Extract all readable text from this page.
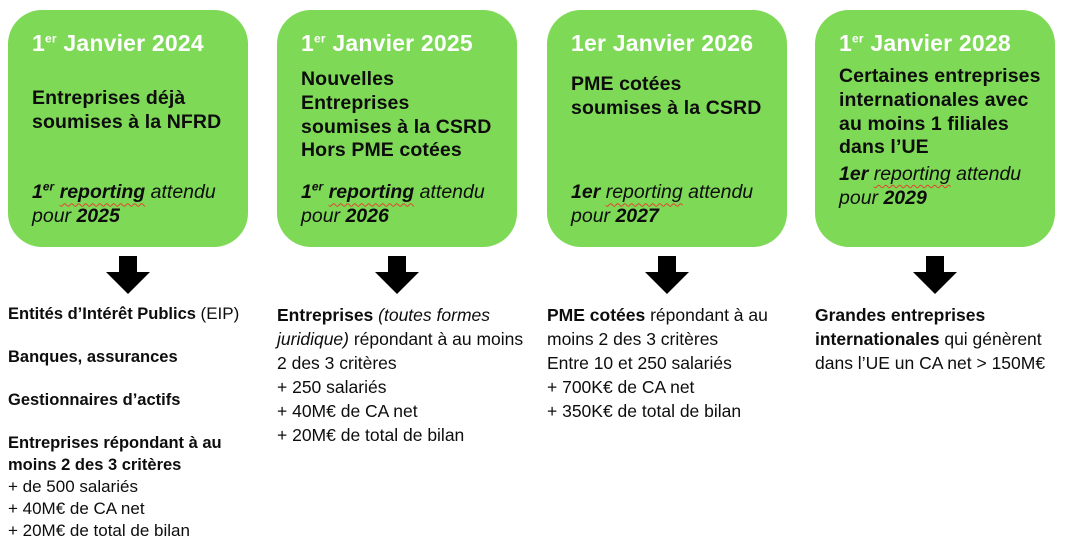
1er Janvier 2024
Entreprises déjà soumises à la NFRD
1er reporting attendu
pour 2025

Entités d’Intérêt Publics (EIP)

Banques, assurances

Gestionnaires d’actifs

Entreprises répondant à au moins 2 des 3 critères
+ de 500 salariés
+ 40M€ de CA net
+ 20M€ de total de bilan
1er Janvier 2025
Nouvelles Entreprises soumises à la CSRD Hors PME cotées
1er reporting attendu
pour 2026
Entreprises (toutes formes juridique) répondant à au moins 2 des 3 critères
+ 250 salariés
+ 40M€ de CA net
+ 20M€ de total de bilan
1er Janvier 2026
PME cotées soumises à la CSRD
1er reporting attendu
pour 2027
PME cotées répondant à au moins 2 des 3 critères
Entre 10 et 250 salariés
+ 700K€ de CA net
+ 350K€ de total de bilan
1er Janvier 2028
Certaines entreprises internationales avec au moins 1 filiales dans l’UE
1er reporting attendu
pour 2029
Grandes entreprises internationales qui génèrent dans l’UE un CA net > 150M€
